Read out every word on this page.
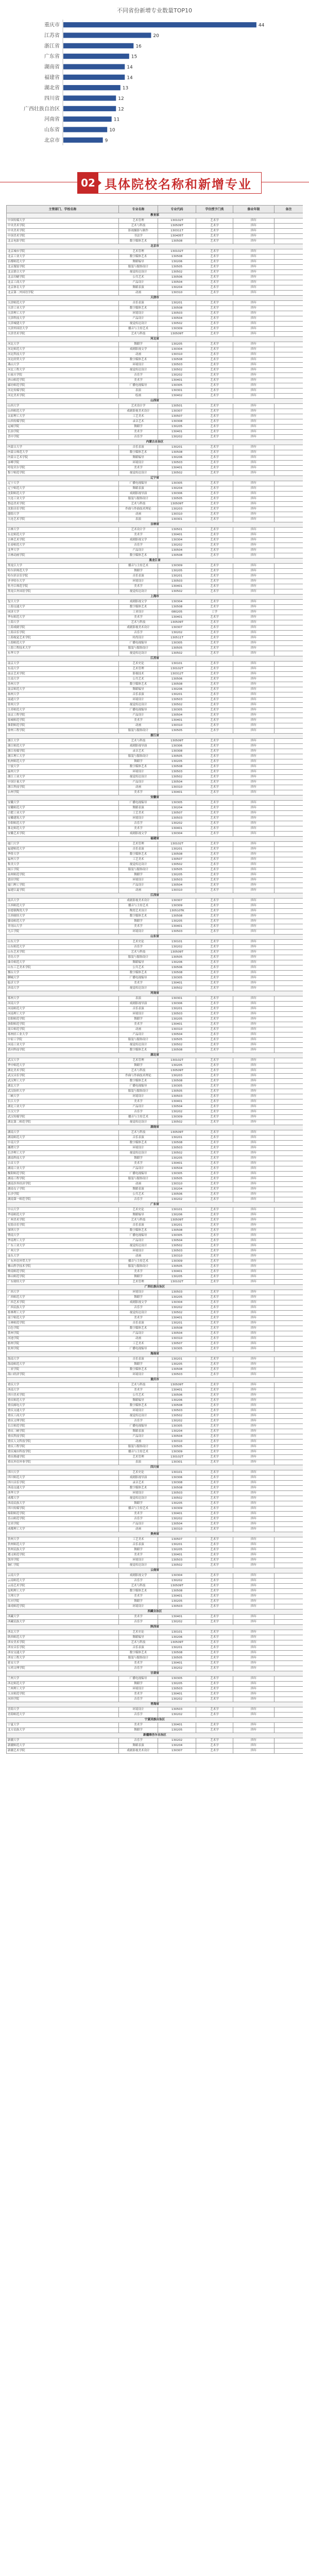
不同省份新增专业数量TOP10
重庆市	44
江苏省	20
浙江省	16
广东省	15
湖南省	14
福建省	14
湖北省	13
四川省	12
广西壮族自治区	12
河南省	11
山东省	10
北京市	9
02 具体院校名称和新增专业
主管部门、学校名称	专业名称	专业代码	学位授予门类	修业年限	备注
教育部					
中国传媒大学	艺术管理	130102T	艺术学	四年	
中央美术学院	艺术与科技	130509T	艺术学	四年	
中央美术学院	影视摄影与制作	130311T	艺术学	四年	
中国美术学院	书法学	130405T	艺术学	四年	
北京电影学院	数字媒体艺术	130508	艺术学	四年	
北京市					
北京城市学院	艺术管理	130102T	艺术学	四年	
北京工业大学	数字媒体艺术	130508	艺术学	四年	
首都师范大学	舞蹈编导	130206	艺术学	四年	
北京服装学院	服装与服饰设计	130505	艺术学	四年	
北京联合大学	视觉传达设计	130502	艺术学	四年	
北京印刷学院	公共艺术	130506	艺术学	四年	
北京工商大学	产品设计	130504	艺术学	四年	
北京体育大学	舞蹈表演	130204	艺术学	四年	
北京第二外国语学院	动画	130310	艺术学	四年	
天津市					
天津师范大学	音乐表演	130201	艺术学	四年	
天津工业大学	数字媒体艺术	130508	艺术学	四年	
天津理工大学	环境设计	130503	艺术学	四年	
天津科技大学	产品设计	130504	艺术学	四年	
天津城建大学	视觉传达设计	130502	艺术学	四年	
天津外国语大学	播音与主持艺术	130309	艺术学	四年	
天津美术学院	艺术与科技	130509T	艺术学	四年	
河北省					
河北大学	舞蹈学	130205	艺术学	四年	
河北师范大学	戏剧影视文学	130304	艺术学	四年	
河北科技大学	动画	130310	艺术学	四年	
河北经贸大学	数字媒体艺术	130508	艺术学	四年	
燕山大学	环境设计	130503	艺术学	四年	
河北工程大学	视觉传达设计	130502	艺术学	四年	
石家庄学院	音乐学	130202	艺术学	四年	
唐山师范学院	美术学	130401	艺术学	四年	
廊坊师范学院	广播电视编导	130305	艺术学	四年	
河北传媒学院	表演	130301	艺术学	四年	
河北美术学院	绘画	130402	艺术学	四年	
山西省					
山西大学	艺术设计学	130501	艺术学	四年	
山西师范大学	戏剧影视美术设计	130307	艺术学	四年	
太原理工大学	工艺美术	130507	艺术学	四年	
山西传媒学院	录音艺术	130308	艺术学	四年	
运城学院	舞蹈学	130205	艺术学	四年	
长治学院	美术学	130401	艺术学	四年	
晋中学院	音乐学	130202	艺术学	四年	
内蒙古自治区					
内蒙古大学	音乐表演	130201	艺术学	四年	
内蒙古师范大学	数字媒体艺术	130508	艺术学	四年	
内蒙古艺术学院	舞蹈编导	130206	艺术学	四年	
赤峰学院	环境设计	130503	艺术学	四年	
呼伦贝尔学院	美术学	130401	艺术学	四年	
集宁师范学院	视觉传达设计	130502	艺术学	四年	
辽宁省					
辽宁大学	广播电视编导	130305	艺术学	四年	
辽宁师范大学	舞蹈表演	130204	艺术学	四年	
沈阳师范大学	戏剧影视导演	130306	艺术学	四年	
大连工业大学	服装与服饰设计	130505	艺术学	四年	
鲁迅美术学院	艺术与科技	130509T	艺术学	四年	
沈阳音乐学院	作曲与作曲技术理论	130203	艺术学	四年	
渤海大学	动画	130310	艺术学	四年	
大连艺术学院	表演	130301	艺术学	四年	
吉林省					
吉林大学	艺术设计学	130501	艺术学	四年	
东北师范大学	美术学	130401	艺术学	四年	
吉林艺术学院	戏剧影视文学	130304	艺术学	四年	
长春师范大学	音乐学	130202	艺术学	四年	
北华大学	产品设计	130504	艺术学	四年	
吉林动画学院	数字媒体艺术	130508	艺术学	四年	
黑龙江省					
黑龙江大学	播音与主持艺术	130309	艺术学	四年	
哈尔滨师范大学	舞蹈学	130205	艺术学	四年	
哈尔滨音乐学院	音乐表演	130201	艺术学	四年	
齐齐哈尔大学	环境设计	130503	艺术学	四年	
牡丹江师范学院	美术学	130401	艺术学	四年	
黑龙江外国语学院	视觉传达设计	130502	艺术学	四年	
上海市					
复旦大学	戏剧影视文学	130304	艺术学	四年	
上海交通大学	数字媒体艺术	130508	艺术学	四年	
同济大学	工业设计	080205	工学	四年	
华东师范大学	美术学	130401	艺术学	四年	
上海大学	艺术与科技	130509T	艺术学	四年	
上海戏剧学院	戏剧影视美术设计	130307	艺术学	四年	
上海音乐学院	音乐学	130202	艺术学	四年	
上海视觉艺术学院	时尚设计	130511T	艺术学	四年	
上海师范大学	广播电视编导	130305	艺术学	四年	
上海工程技术大学	服装与服饰设计	130505	艺术学	四年	
东华大学	视觉传达设计	130502	艺术学	四年	
江苏省					
南京大学	艺术史论	130101	艺术学	四年	
东南大学	艺术管理	130102T	艺术学	四年	
南京艺术学院	影视技术	130312T	艺术学	四年	
江南大学	公共艺术	130506	艺术学	四年	
苏州大学	数字媒体艺术	130508	艺术学	四年	
南京师范大学	舞蹈编导	130206	艺术学	四年	
扬州大学	音乐表演	130201	艺术学	四年	
南通大学	环境设计	130503	艺术学	四年	
常州大学	视觉传达设计	130502	艺术学	四年	
江苏师范大学	广播电视编导	130305	艺术学	四年	
南京工程学院	产品设计	130504	艺术学	四年	
盐城师范学院	美术学	130401	艺术学	四年	
淮阴师范学院	动画	130310	艺术学	四年	
徐州工程学院	服装与服饰设计	130505	艺术学	四年	
浙江省					
浙江大学	艺术与科技	130509T	艺术学	四年	
浙江师范大学	戏剧影视导演	130306	艺术学	四年	
浙江传媒学院	录音艺术	130308	艺术学	四年	
浙江理工大学	服装与服饰设计	130505	艺术学	四年	
杭州师范大学	舞蹈学	130205	艺术学	四年	
宁波大学	数字媒体艺术	130508	艺术学	四年	
温州大学	环境设计	130503	艺术学	四年	
浙江工业大学	视觉传达设计	130502	艺术学	四年	
中国计量大学	产品设计	130504	艺术学	四年	
浙江科技学院	动画	130310	艺术学	四年	
台州学院	美术学	130401	艺术学	四年	
安徽省					
安徽大学	广播电视编导	130305	艺术学	四年	
安徽师范大学	舞蹈表演	130204	艺术学	四年	
合肥工业大学	工艺美术	130507	艺术学	四年	
安徽建筑大学	环境设计	130503	艺术学	四年	
阜阳师范大学	音乐学	130202	艺术学	四年	
淮北师范大学	美术学	130401	艺术学	四年	
安徽艺术学院	戏剧影视文学	130304	艺术学	四年	
福建省					
厦门大学	艺术管理	130102T	艺术学	四年	
福建师范大学	音乐表演	130201	艺术学	四年	
华侨大学	数字媒体艺术	130508	艺术学	四年	
福州大学	工艺美术	130507	艺术学	四年	
集美大学	视觉传达设计	130502	艺术学	四年	
闽江学院	服装与服饰设计	130505	艺术学	四年	
泉州师范学院	舞蹈学	130205	艺术学	四年	
莆田学院	环境设计	130503	艺术学	四年	
厦门理工学院	产品设计	130504	艺术学	四年	
福建江夏学院	动画	130310	艺术学	四年	
江西省					
南昌大学	戏剧影视美术设计	130307	艺术学	四年	
江西师范大学	播音与主持艺术	130309	艺术学	四年	
景德镇陶瓷大学	陶瓷艺术设计	130510TK	艺术学	四年	
江西财经大学	数字媒体艺术	130508	艺术学	四年	
赣南师范大学	舞蹈学	130205	艺术学	四年	
井冈山大学	美术学	130401	艺术学	四年	
九江学院	环境设计	130503	艺术学	四年	
山东省					
山东大学	艺术史论	130101	艺术学	四年	
山东师范大学	音乐学	130202	艺术学	四年	
山东艺术学院	艺术与科技	130509T	艺术学	四年	
青岛大学	服装与服饰设计	130505	艺术学	四年	
曲阜师范大学	舞蹈编导	130206	艺术学	四年	
山东工艺美术学院	公共艺术	130506	艺术学	四年	
烟台大学	数字媒体艺术	130508	艺术学	四年	
聊城大学	广播电视编导	130305	艺术学	四年	
临沂大学	美术学	130401	艺术学	四年	
济南大学	视觉传达设计	130502	艺术学	四年	
河南省					
郑州大学	表演	130301	艺术学	四年	
河南大学	戏剧影视导演	130306	艺术学	四年	
河南师范大学	音乐表演	130201	艺术学	四年	
河南理工大学	环境设计	130503	艺术学	四年	
信阳师范学院	舞蹈学	130205	艺术学	四年	
洛阳师范学院	美术学	130401	艺术学	四年	
商丘师范学院	动画	130310	艺术学	四年	
郑州轻工业大学	产品设计	130504	艺术学	四年	
中原工学院	服装与服饰设计	130505	艺术学	四年	
河南工业大学	视觉传达设计	130502	艺术学	四年	
黄河科技学院	数字媒体艺术	130508	艺术学	四年	
湖北省					
武汉大学	艺术管理	130102T	艺术学	四年	
华中师范大学	舞蹈学	130205	艺术学	四年	
湖北美术学院	艺术与科技	130509T	艺术学	四年	
武汉音乐学院	作曲与作曲技术理论	130203	艺术学	四年	
武汉理工大学	数字媒体艺术	130508	艺术学	四年	
湖北大学	广播电视编导	130305	艺术学	四年	
武汉纺织大学	服装与服饰设计	130505	艺术学	四年	
三峡大学	环境设计	130503	艺术学	四年	
长江大学	美术学	130401	艺术学	四年	
湖北工业大学	产品设计	130504	艺术学	四年	
江汉大学	音乐学	130202	艺术学	四年	
武汉传媒学院	播音与主持艺术	130309	艺术学	四年	
湖北第二师范学院	视觉传达设计	130502	艺术学	四年	
湖南省					
湖南大学	艺术与科技	130509T	艺术学	四年	
湖南师范大学	音乐表演	130201	艺术学	四年	
中南大学	数字媒体艺术	130508	艺术学	四年	
湘潭大学	环境设计	130503	艺术学	四年	
长沙理工大学	视觉传达设计	130502	艺术学	四年	
湖南科技大学	舞蹈学	130205	艺术学	四年	
吉首大学	美术学	130401	艺术学	四年	
湖南工业大学	产品设计	130504	艺术学	四年	
衡阳师范学院	广播电视编导	130305	艺术学	四年	
湖南工程学院	服装与服饰设计	130505	艺术学	四年	
湖南涉外经济学院	动画	130310	艺术学	四年	
湖南女子学院	舞蹈表演	130204	艺术学	四年	
长沙学院	公共艺术	130506	艺术学	四年	
湖南第一师范学院	音乐学	130202	艺术学	四年	
广东省					
中山大学	艺术史论	130101	艺术学	四年	
华南师范大学	舞蹈编导	130206	艺术学	四年	
广州美术学院	艺术与科技	130509T	艺术学	四年	
星海音乐学院	音乐表演	130201	艺术学	四年	
深圳大学	数字媒体艺术	130508	艺术学	四年	
暨南大学	广播电视编导	130305	艺术学	四年	
华南理工大学	产品设计	130504	艺术学	四年	
广东工业大学	视觉传达设计	130502	艺术学	四年	
广州大学	环境设计	130503	艺术学	四年	
汕头大学	动画	130310	艺术学	四年	
广东外语外贸大学	播音与主持艺术	130309	艺术学	四年	
佛山科学技术学院	服装与服饰设计	130505	艺术学	四年	
岭南师范学院	美术学	130401	艺术学	四年	
韩山师范学院	舞蹈学	130205	艺术学	四年	
广东财经大学	艺术管理	130102T	艺术学	四年	
广西壮族自治区					
广西大学	环境设计	130503	艺术学	四年	
广西师范大学	舞蹈学	130205	艺术学	四年	
广西艺术学院	戏剧影视文学	130304	艺术学	四年	
广西民族大学	音乐学	130202	艺术学	四年	
桂林理工大学	视觉传达设计	130502	艺术学	四年	
南宁师范大学	美术学	130401	艺术学	四年	
玉林师范学院	音乐表演	130201	艺术学	四年	
百色学院	数字媒体艺术	130508	艺术学	四年	
贺州学院	产品设计	130504	艺术学	四年	
河池学院	动画	130310	艺术学	四年	
梧州学院	工艺美术	130507	艺术学	四年	
钦州学院	广播电视编导	130305	艺术学	四年	
海南省					
海南大学	音乐表演	130201	艺术学	四年	
海南师范大学	舞蹈学	130205	艺术学	四年	
三亚学院	数字媒体艺术	130508	艺术学	四年	
海口经济学院	环境设计	130503	艺术学	四年	
重庆市					
重庆大学	艺术与科技	130509T	艺术学	四年	
西南大学	美术学	130401	艺术学	四年	
四川美术学院	公共艺术	130506	艺术学	四年	
重庆师范大学	舞蹈编导	130206	艺术学	四年	
重庆邮电大学	数字媒体艺术	130508	艺术学	四年	
重庆交通大学	环境设计	130503	艺术学	四年	
重庆工商大学	视觉传达设计	130502	艺术学	四年	
重庆文理学院	音乐学	130202	艺术学	四年	
长江师范学院	广播电视编导	130305	艺术学	四年	
重庆三峡学院	舞蹈表演	130204	艺术学	四年	
重庆科技学院	产品设计	130504	艺术学	四年	
重庆人文科技学院	动画	130310	艺术学	四年	
重庆工程学院	服装与服饰设计	130505	艺术学	四年	
重庆城市科技学院	播音与主持艺术	130309	艺术学	四年	
重庆移通学院	艺术管理	130102T	艺术学	四年	
重庆外语外事学院	表演	130301	艺术学	四年	
四川省					
四川大学	艺术史论	130101	艺术学	四年	
四川师范大学	戏剧影视导演	130306	艺术学	四年	
四川音乐学院	录音艺术	130308	艺术学	四年	
西南交通大学	数字媒体艺术	130508	艺术学	四年	
西华大学	环境设计	130503	艺术学	四年	
成都大学	视觉传达设计	130502	艺术学	四年	
西南民族大学	舞蹈学	130205	艺术学	四年	
四川传媒学院	播音与主持艺术	130309	艺术学	四年	
绵阳师范学院	美术学	130401	艺术学	四年	
乐山师范学院	音乐学	130202	艺术学	四年	
宜宾学院	产品设计	130504	艺术学	四年	
成都理工大学	动画	130310	艺术学	四年	
贵州省					
贵州大学	工艺美术	130507	艺术学	四年	
贵州师范大学	音乐表演	130201	艺术学	四年	
贵州民族大学	舞蹈学	130205	艺术学	四年	
遵义师范学院	美术学	130401	艺术学	四年	
凯里学院	环境设计	130503	艺术学	四年	
铜仁学院	视觉传达设计	130502	艺术学	四年	
云南省					
云南大学	戏剧影视文学	130304	艺术学	四年	
云南师范大学	音乐学	130202	艺术学	四年	
云南艺术学院	艺术与科技	130509T	艺术学	四年	
昆明理工大学	数字媒体艺术	130508	艺术学	四年	
大理大学	美术学	130401	艺术学	四年	
红河学院	舞蹈学	130205	艺术学	四年	
曲靖师范学院	环境设计	130503	艺术学	四年	
西藏自治区					
西藏大学	美术学	130401	艺术学	四年	
西藏民族大学	音乐学	130202	艺术学	四年	
陕西省					
西北大学	艺术史论	130101	艺术学	四年	
陕西师范大学	舞蹈编导	130206	艺术学	四年	
西安美术学院	艺术与科技	130509T	艺术学	四年	
西安音乐学院	音乐表演	130201	艺术学	四年	
西安交通大学	数字媒体艺术	130508	艺术学	四年	
西安工程大学	服装与服饰设计	130505	艺术学	四年	
延安大学	美术学	130401	艺术学	四年	
宝鸡文理学院	音乐学	130202	艺术学	四年	
甘肃省					
兰州大学	广播电视编导	130305	艺术学	四年	
西北师范大学	舞蹈学	130205	艺术学	四年	
兰州理工大学	环境设计	130503	艺术学	四年	
天水师范学院	美术学	130401	艺术学	四年	
河西学院	音乐学	130202	艺术学	四年	
青海省					
青海大学	环境设计	130503	艺术学	四年	
青海师范大学	音乐学	130202	艺术学	四年	
宁夏回族自治区					
宁夏大学	美术学	130401	艺术学	四年	
北方民族大学	舞蹈学	130205	艺术学	四年	
新疆维吾尔自治区					
新疆大学	音乐学	130202	艺术学	四年	
新疆师范大学	舞蹈表演	130204	艺术学	四年	
新疆艺术学院	戏剧影视美术设计	130307	艺术学	四年	
